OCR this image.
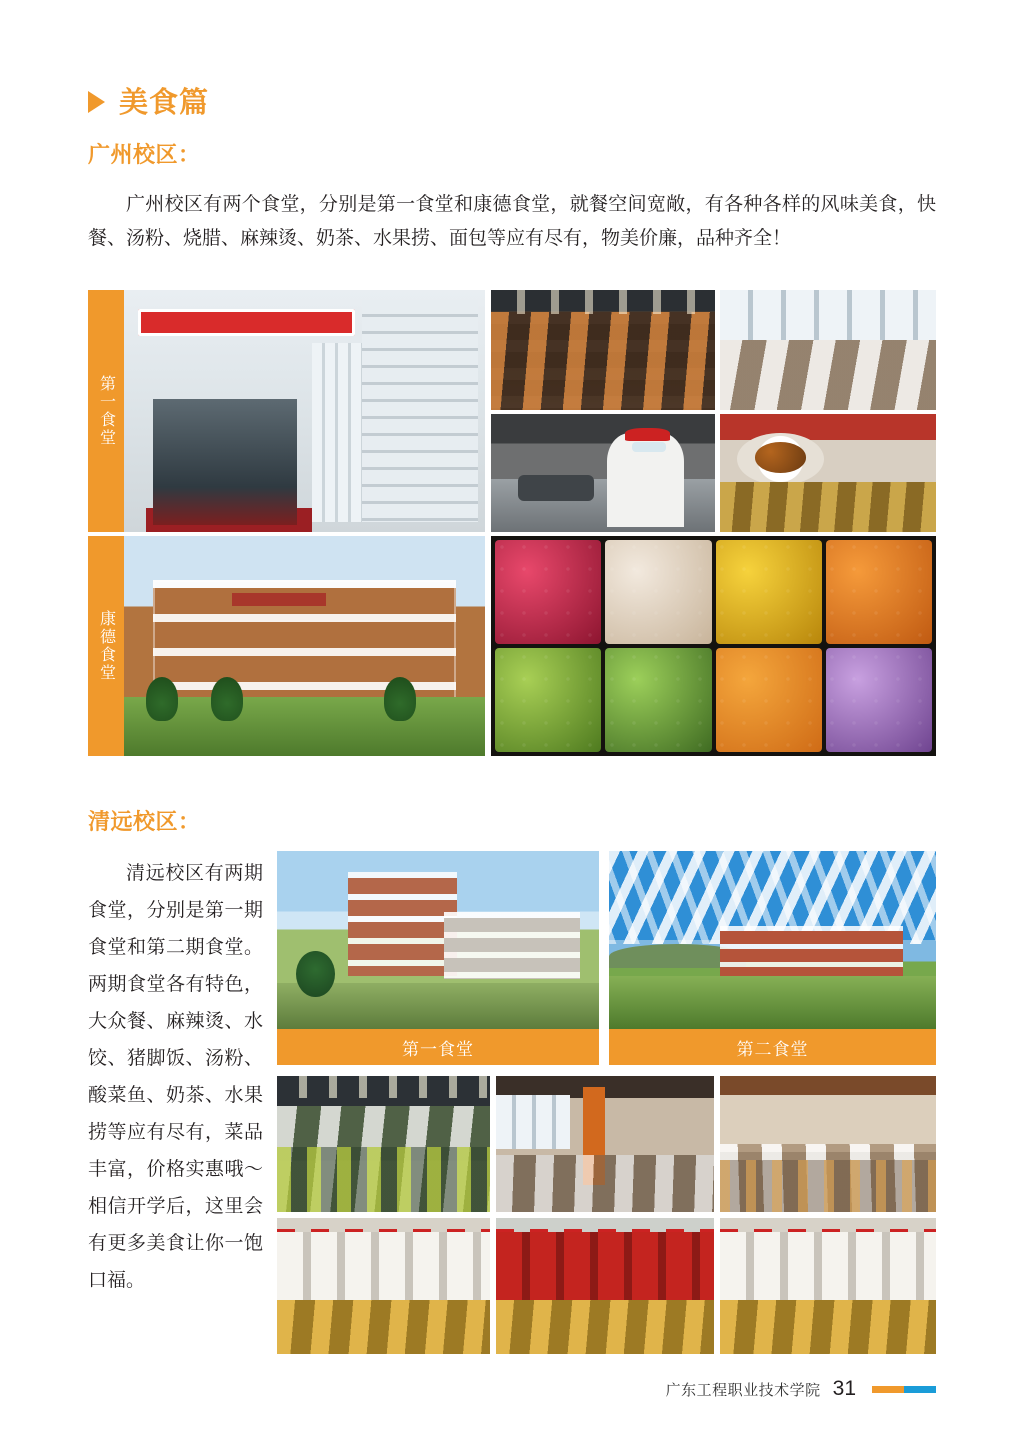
美食篇
广州校区：
广州校区有两个食堂，分别是第一食堂和康德食堂，就餐空间宽敞，有各种各样的风味美食，快餐、汤粉、烧腊、麻辣烫、奶茶、水果捞、面包等应有尽有，物美价廉，品种齐全！
第一食堂
康德食堂
清远校区：
清远校区有两期食堂，分别是第一期食堂和第二期食堂。两期食堂各有特色，大众餐、麻辣烫、水饺、猪脚饭、汤粉、酸菜鱼、奶茶、水果捞等应有尽有，菜品丰富，价格实惠哦～相信开学后，这里会有更多美食让你一饱口福。
第一食堂	第二食堂
广东工程职业技术学院 31
